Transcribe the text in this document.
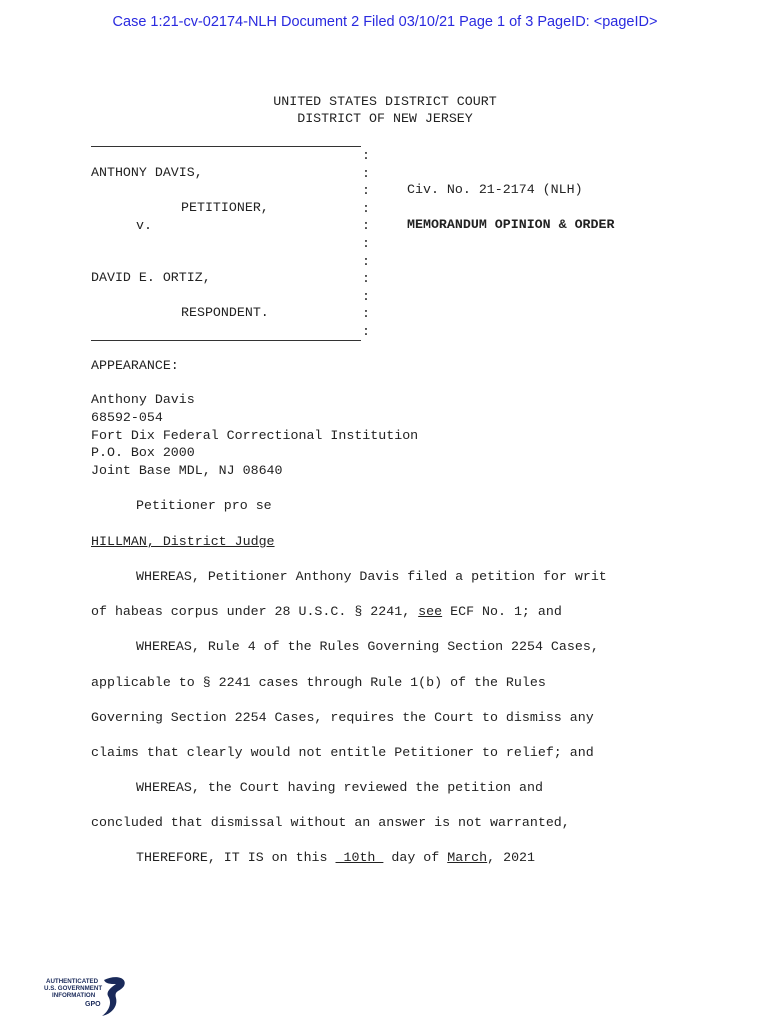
Case 1:21-cv-02174-NLH Document 2 Filed 03/10/21 Page 1 of 3 PageID: <pageID>
UNITED STATES DISTRICT COURT
DISTRICT OF NEW JERSEY
:
:
:
:
:
:
:
:
:
:
:
ANTHONY DAVIS,
PETITIONER,
v.
DAVID E. ORTIZ,
RESPONDENT.
Civ. No. 21-2174 (NLH)
MEMORANDUM OPINION & ORDER
APPEARANCE:
Anthony Davis
68592-054
Fort Dix Federal Correctional Institution
P.O. Box 2000
Joint Base MDL, NJ 08640
Petitioner pro se
HILLMAN, District Judge
WHEREAS, Petitioner Anthony Davis filed a petition for writ
of habeas corpus under 28 U.S.C. § 2241, see ECF No. 1; and
WHEREAS, Rule 4 of the Rules Governing Section 2254 Cases,
applicable to § 2241 cases through Rule 1(b) of the Rules
Governing Section 2254 Cases, requires the Court to dismiss any
claims that clearly would not entitle Petitioner to relief; and
WHEREAS, the Court having reviewed the petition and
concluded that dismissal without an answer is not warranted,
THEREFORE, IT IS on this  10th  day of March, 2021
AUTHENTICATED
U.S. GOVERNMENT
INFORMATION
GPO
